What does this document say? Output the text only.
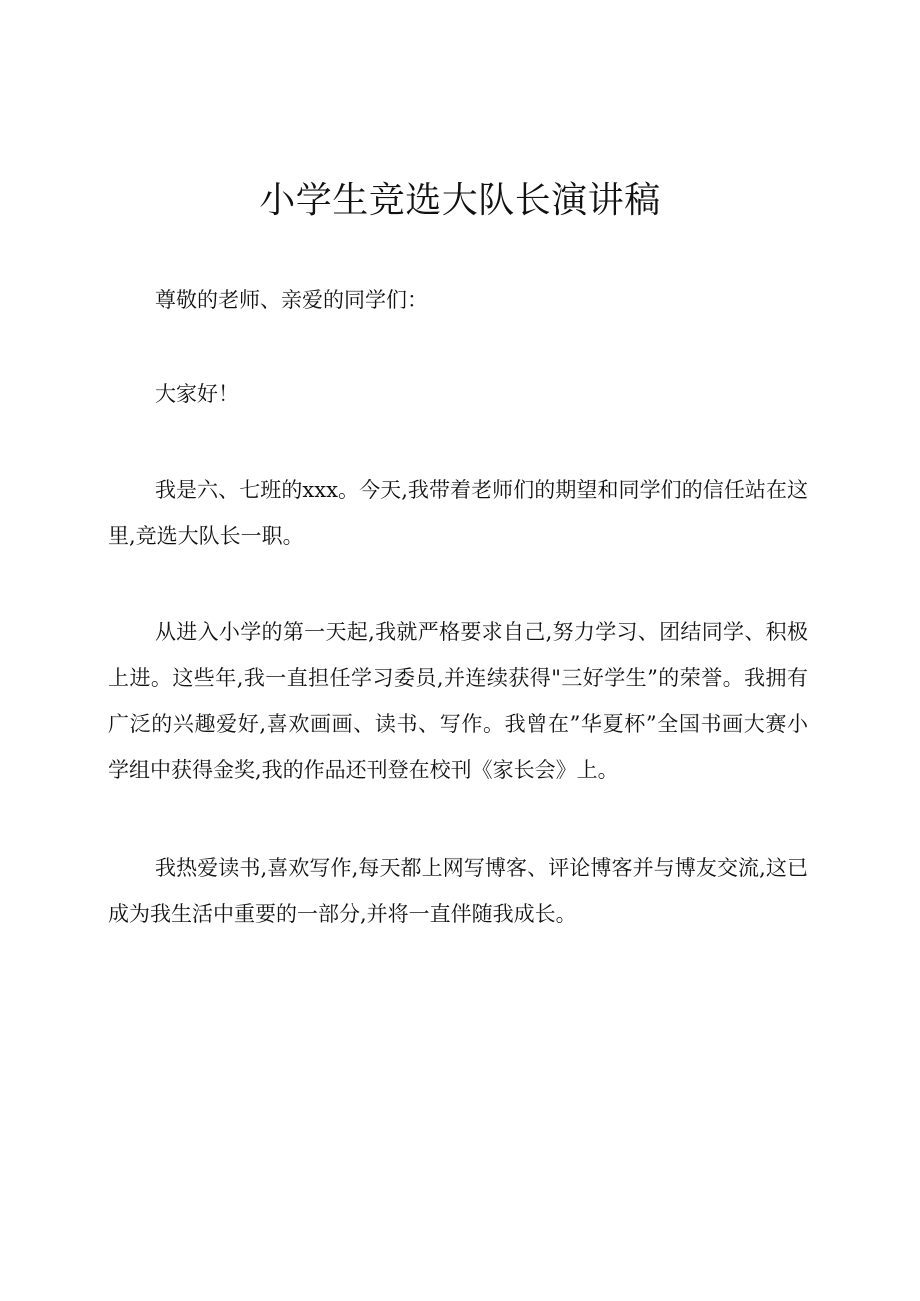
小学生竞选大队长演讲稿

尊敬的老师、亲爱的同学们：

大家好！

我是六、七班的xxx。今天,我带着老师们的期望和同学们的信任站在这里,竞选大队长一职。

从进入小学的第一天起,我就严格要求自己,努力学习、团结同学、积极上进。这些年,我一直担任学习委员,并连续获得"三好学生”的荣誉。我拥有广泛的兴趣爱好,喜欢画画、读书、写作。我曾在”华夏杯”全国书画大赛小学组中获得金奖,我的作品还刊登在校刊《家长会》上。

我热爱读书,喜欢写作,每天都上网写博客、评论博客并与博友交流,这已成为我生活中重要的一部分,并将一直伴随我成长。
